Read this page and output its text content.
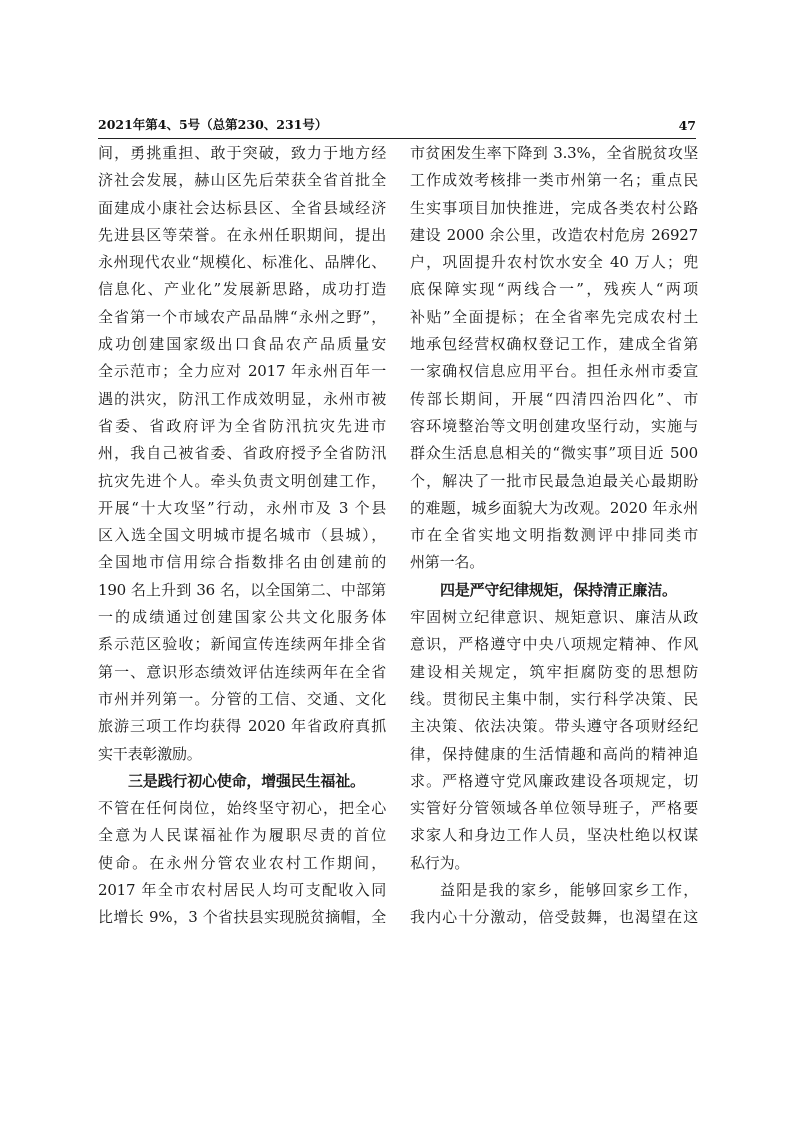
2021年第4、5号（总第230、231号）	47

间，勇挑重担、敢于突破，致力于地方经

济社会发展，赫山区先后荣获全省首批全

面建成小康社会达标县区、全省县域经济

先进县区等荣誉。在永州任职期间，提出

永州现代农业“规模化、标准化、品牌化、

信息化、产业化”发展新思路，成功打造

全省第一个市域农产品品牌“永州之野”，

成功创建国家级出口食品农产品质量安

全示范市；全力应对 2017 年永州百年一

遇的洪灾，防汛工作成效明显，永州市被

省委、省政府评为全省防汛抗灾先进市

州，我自己被省委、省政府授予全省防汛

抗灾先进个人。牵头负责文明创建工作，

开展“十大攻坚”行动，永州市及 3 个县

区入选全国文明城市提名城市（县城），

全国地市信用综合指数排名由创建前的

190 名上升到 36 名，以全国第二、中部第

一的成绩通过创建国家公共文化服务体

系示范区验收；新闻宣传连续两年排全省

第一、意识形态绩效评估连续两年在全省

市州并列第一。分管的工信、交通、文化

旅游三项工作均获得 2020 年省政府真抓

实干表彰激励。

三是践行初心使命，增强民生福祉。

不管在任何岗位，始终坚守初心，把全心

全意为人民谋福祉作为履职尽责的首位

使命。在永州分管农业农村工作期间，

2017 年全市农村居民人均可支配收入同

比增长 9%，3 个省扶县实现脱贫摘帽，全

市贫困发生率下降到 3.3%，全省脱贫攻坚

工作成效考核排一类市州第一名；重点民

生实事项目加快推进，完成各类农村公路

建设 2000 余公里，改造农村危房 26927

户，巩固提升农村饮水安全 40 万人；兜

底保障实现“两线合一”，残疾人“两项

补贴”全面提标；在全省率先完成农村土

地承包经营权确权登记工作，建成全省第

一家确权信息应用平台。担任永州市委宣

传部长期间，开展“四清四治四化”、市

容环境整治等文明创建攻坚行动，实施与

群众生活息息相关的“微实事”项目近 500

个，解决了一批市民最急迫最关心最期盼

的难题，城乡面貌大为改观。2020 年永州

市在全省实地文明指数测评中排同类市

州第一名。

四是严守纪律规矩，保持清正廉洁。

牢固树立纪律意识、规矩意识、廉洁从政

意识，严格遵守中央八项规定精神、作风

建设相关规定，筑牢拒腐防变的思想防

线。贯彻民主集中制，实行科学决策、民

主决策、依法决策。带头遵守各项财经纪

律，保持健康的生活情趣和高尚的精神追

求。严格遵守党风廉政建设各项规定，切

实管好分管领域各单位领导班子，严格要

求家人和身边工作人员，坚决杜绝以权谋

私行为。

益阳是我的家乡，能够回家乡工作，

我内心十分激动，倍受鼓舞，也渴望在这
